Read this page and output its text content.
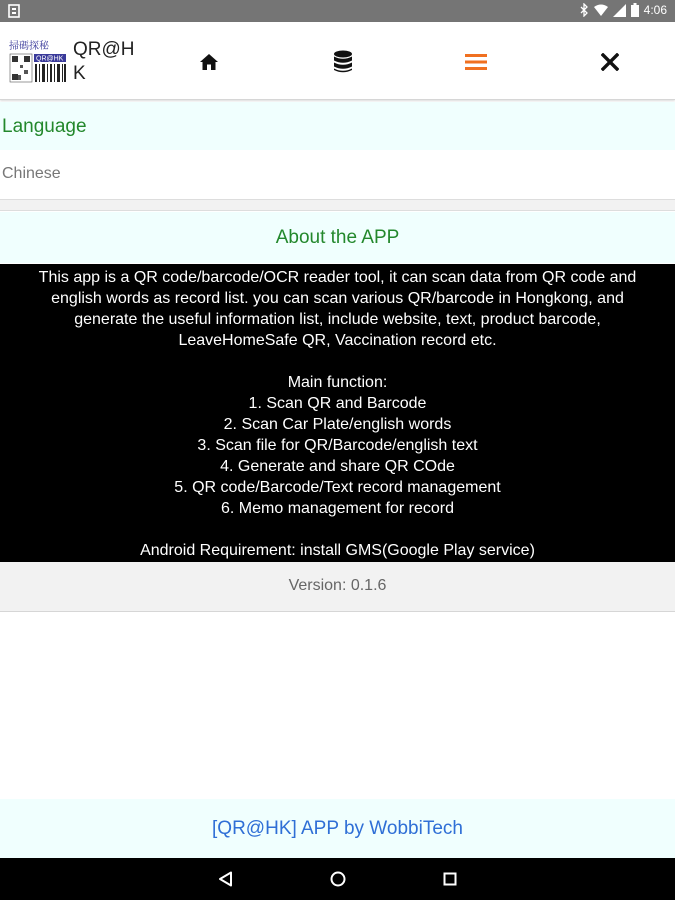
4:06
掃碼探秘
QR@HK QR@HK
Language
Chinese
About the APP

This app is a QR code/barcode/OCR reader tool, it can scan data from QR code and

english words as record list. you can scan various QR/barcode in Hongkong, and

generate the useful information list, include website, text, product barcode,

LeaveHomeSafe QR, Vaccination record etc.

Main function:

1. Scan QR and Barcode

2. Scan Car Plate/english words

3. Scan file for QR/Barcode/english text

4. Generate and share QR COde

5. QR code/Barcode/Text record management

6. Memo management for record

Android Requirement: install GMS(Google Play service)

Version: 0.1.6
[QR@HK] APP by WobbiTech
